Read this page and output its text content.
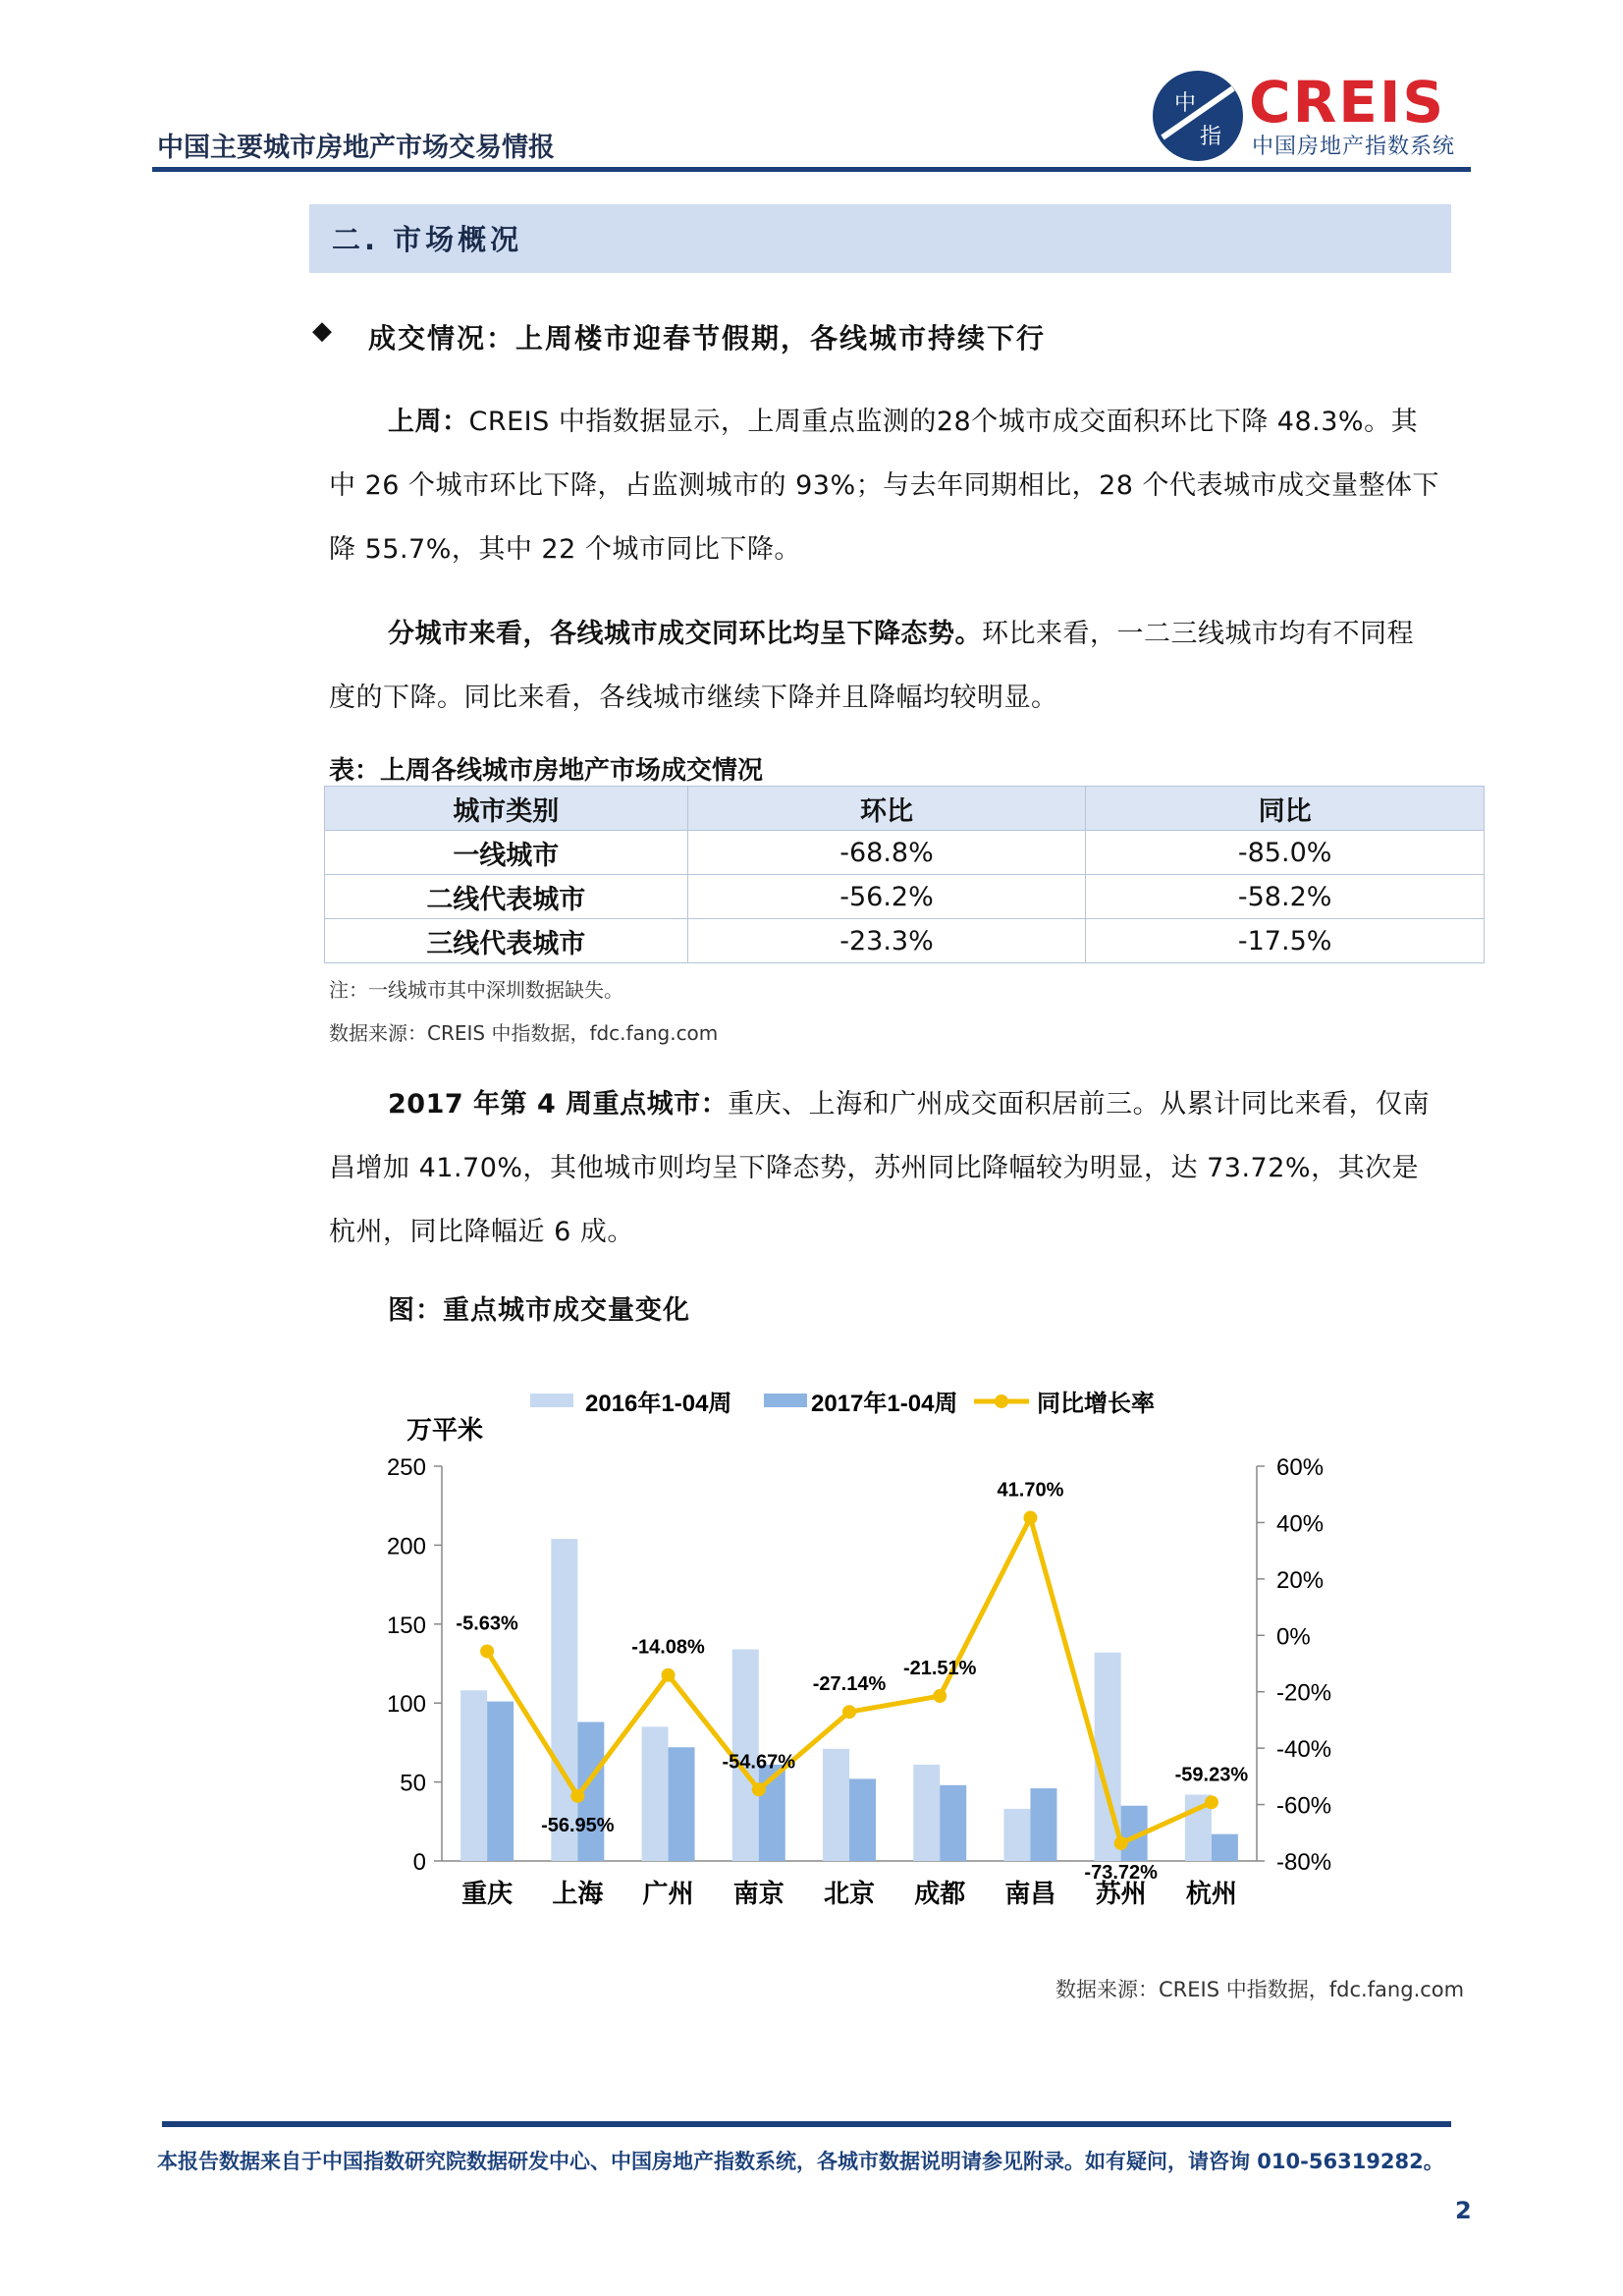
中国主要城市房地产市场交易情报
中
指
CREIS
中国房地产指数系统
二. 市场概况
◆ 成交情况：上周楼市迎春节假期，各线城市持续下行
上周：CREIS 中指数据显示，上周重点监测的28个城市成交面积环比下降 48.3%。其
中 26 个城市环比下降，占监测城市的 93%；与去年同期相比，28 个代表城市成交量整体下
降 55.7%，其中 22 个城市同比下降。
分城市来看，各线城市成交同环比均呈下降态势。环比来看，一二三线城市均有不同程
度的下降。同比来看，各线城市继续下降并且降幅均较明显。
表：上周各线城市房地产市场成交情况
城市类别	环比	同比
一线城市	-68.8%	-85.0%
二线代表城市	-56.2%	-58.2%
三线代表城市	-23.3%	-17.5%
注：一线城市其中深圳数据缺失。
数据来源：CREIS 中指数据，fdc.fang.com
2017 年第 4 周重点城市：重庆、上海和广州成交面积居前三。从累计同比来看，仅南
昌增加 41.70%，其他城市则均呈下降态势，苏州同比降幅较为明显，达 73.72%，其次是
杭州，同比降幅近 6 成。
图：重点城市成交量变化
0
50
100
150
200
250
-80%
-60%
-40%
-20%
0%
20%
40%
60%
万平米
重庆 上海 广州 南京 北京 成都 南昌 苏州 杭州
-5.63%
-56.95%
-14.08%
-54.67%
-27.14%
-21.51%
41.70%
-73.72%
-59.23%
2016年1-04周	2017年1-04周	同比增长率
数据来源：CREIS 中指数据，fdc.fang.com
本报告数据来自于中国指数研究院数据研发中心、中国房地产指数系统，各城市数据说明请参见附录。如有疑问，请咨询 010-56319282。
2
